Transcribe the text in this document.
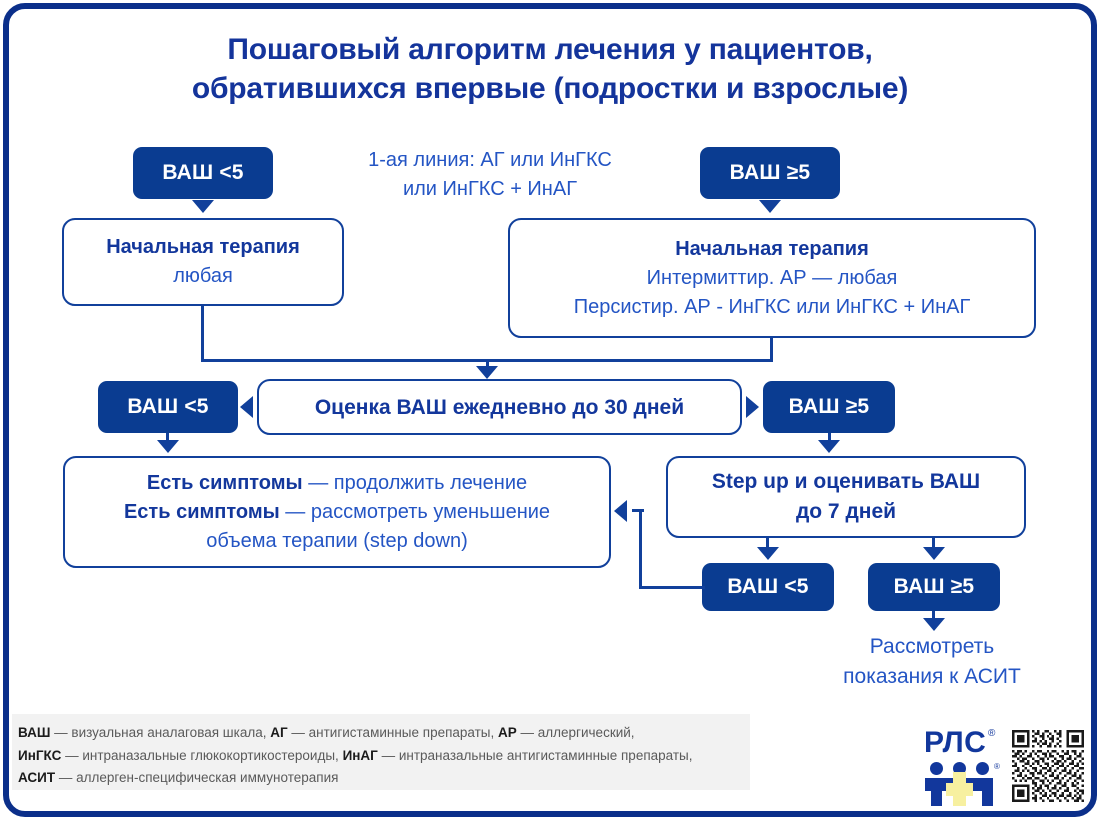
Пошаговый алгоритм лечения у пациентов,
обратившихся впервые (подростки и взрослые)
ВАШ <5
1-ая линия: АГ или ИнГКС
или ИнГКС + ИнАГ
ВАШ ≥5
Начальная терапия
любая
Начальная терапия
Интермиттир. АР — любая
Персистир. АР - ИнГКС или ИнГКС + ИнАГ
ВАШ <5	Оценка ВАШ ежедневно до 30 дней	ВАШ ≥5
Есть симптомы — продолжить лечение
Есть симптомы — рассмотреть уменьшение
объема терапии (step down)
Step up и оценивать ВАШ
до 7 дней
ВАШ <5	ВАШ ≥5
Рассмотреть
показания к АСИТ
ВАШ — визуальная аналаговая шкала, АГ — антигистаминные препараты, АР — аллергический,
ИнГКС — интраназальные глюкокортикостероиды, ИнАГ — интраназальные антигистаминные препараты,
АСИТ — аллерген-специфическая иммунотерапия
РЛС ®
®
